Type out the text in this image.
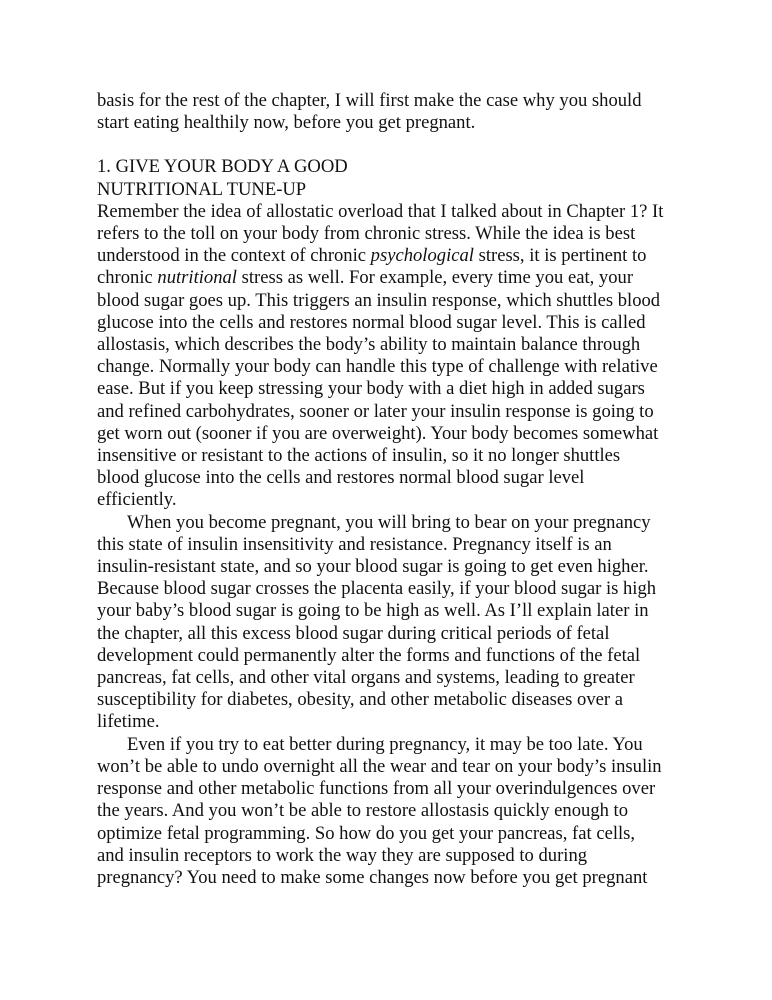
basis for the rest of the chapter, I will first make the case why you should
start eating healthily now, before you get pregnant.

1. GIVE YOUR BODY A GOOD
NUTRITIONAL TUNE-UP

Remember the idea of allostatic overload that I talked about in Chapter 1? It
refers to the toll on your body from chronic stress. While the idea is best
understood in the context of chronic psychological stress, it is pertinent to
chronic nutritional stress as well. For example, every time you eat, your
blood sugar goes up. This triggers an insulin response, which shuttles blood
glucose into the cells and restores normal blood sugar level. This is called
allostasis, which describes the body’s ability to maintain balance through
change. Normally your body can handle this type of challenge with relative
ease. But if you keep stressing your body with a diet high in added sugars
and refined carbohydrates, sooner or later your insulin response is going to
get worn out (sooner if you are overweight). Your body becomes somewhat
insensitive or resistant to the actions of insulin, so it no longer shuttles
blood glucose into the cells and restores normal blood sugar level
efficiently.

When you become pregnant, you will bring to bear on your pregnancy
this state of insulin insensitivity and resistance. Pregnancy itself is an
insulin-resistant state, and so your blood sugar is going to get even higher.
Because blood sugar crosses the placenta easily, if your blood sugar is high
your baby’s blood sugar is going to be high as well. As I’ll explain later in
the chapter, all this excess blood sugar during critical periods of fetal
development could permanently alter the forms and functions of the fetal
pancreas, fat cells, and other vital organs and systems, leading to greater
susceptibility for diabetes, obesity, and other metabolic diseases over a
lifetime.

Even if you try to eat better during pregnancy, it may be too late. You
won’t be able to undo overnight all the wear and tear on your body’s insulin
response and other metabolic functions from all your overindulgences over
the years. And you won’t be able to restore allostasis quickly enough to
optimize fetal programming. So how do you get your pancreas, fat cells,
and insulin receptors to work the way they are supposed to during
pregnancy? You need to make some changes now before you get pregnant
